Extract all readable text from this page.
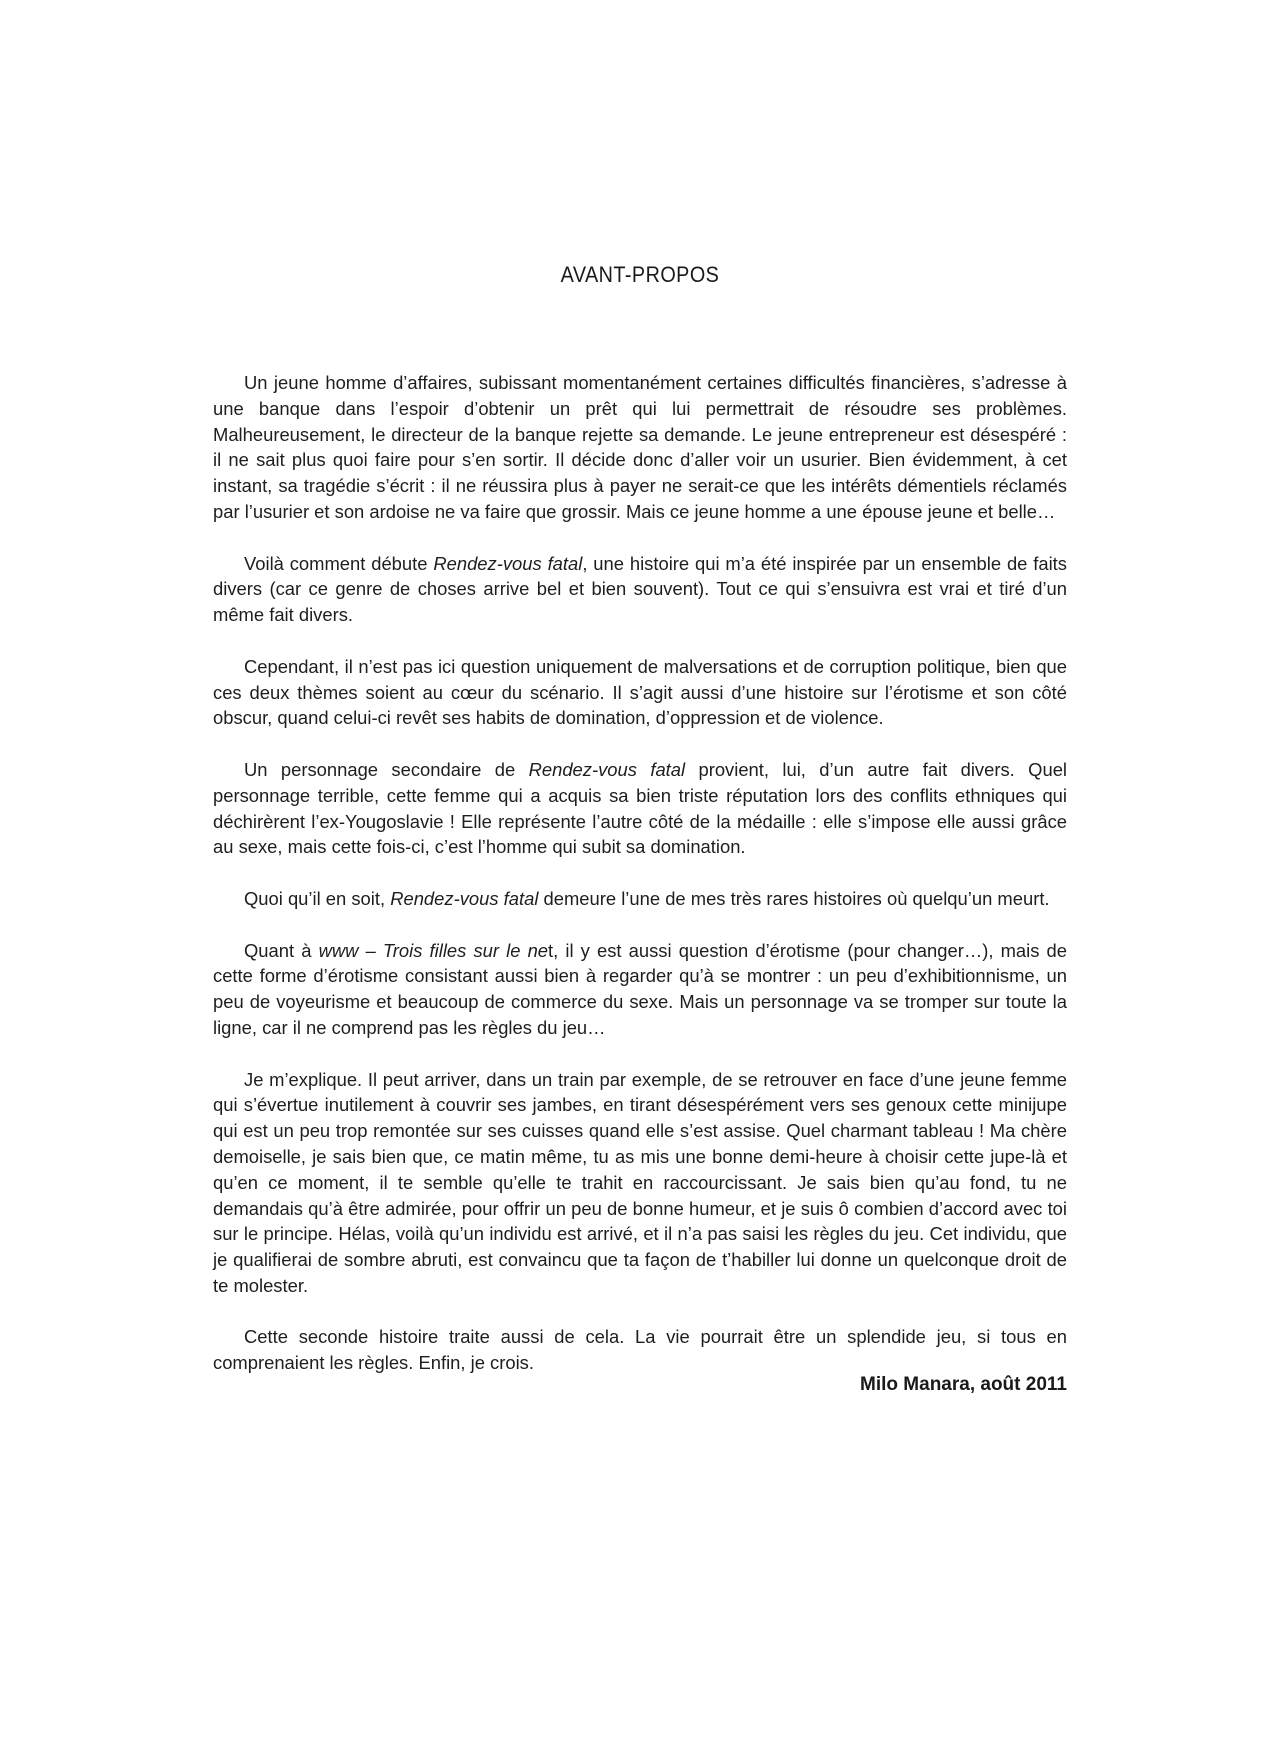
AVANT-PROPOS

Un jeune homme d’affaires, subissant momentanément certaines difficultés financières, s’adresse à une banque dans l’espoir d’obtenir un prêt qui lui permettrait de résoudre ses problèmes. Malheureusement, le directeur de la banque rejette sa demande. Le jeune entrepreneur est désespéré : il ne sait plus quoi faire pour s’en sortir. Il décide donc d’aller voir un usurier. Bien évidemment, à cet instant, sa tragédie s’écrit : il ne réussira plus à payer ne serait-ce que les intérêts démentiels réclamés par l’usurier et son ardoise ne va faire que grossir. Mais ce jeune homme a une épouse jeune et belle…

Voilà comment débute Rendez-vous fatal, une histoire qui m’a été inspirée par un ensemble de faits divers (car ce genre de choses arrive bel et bien souvent). Tout ce qui s’ensuivra est vrai et tiré d’un même fait divers.

Cependant, il n’est pas ici question uniquement de malversations et de corruption politique, bien que ces deux thèmes soient au cœur du scénario. Il s’agit aussi d’une histoire sur l’érotisme et son côté obscur, quand celui-ci revêt ses habits de domination, d’oppression et de violence.

Un personnage secondaire de Rendez-vous fatal provient, lui, d’un autre fait divers. Quel personnage terrible, cette femme qui a acquis sa bien triste réputation lors des conflits ethniques qui déchirèrent l’ex-Yougoslavie ! Elle représente l’autre côté de la médaille : elle s’impose elle aussi grâce au sexe, mais cette fois-ci, c’est l’homme qui subit sa domination.

Quoi qu’il en soit, Rendez-vous fatal demeure l’une de mes très rares histoires où quelqu’un meurt.

Quant à www – Trois filles sur le net, il y est aussi question d’érotisme (pour changer…), mais de cette forme d’érotisme consistant aussi bien à regarder qu’à se montrer : un peu d’exhibitionnisme, un peu de voyeurisme et beaucoup de commerce du sexe. Mais un personnage va se tromper sur toute la ligne, car il ne comprend pas les règles du jeu…

Je m’explique. Il peut arriver, dans un train par exemple, de se retrouver en face d’une jeune femme qui s’évertue inutilement à couvrir ses jambes, en tirant désespérément vers ses genoux cette minijupe qui est un peu trop remontée sur ses cuisses quand elle s’est assise. Quel charmant tableau ! Ma chère demoiselle, je sais bien que, ce matin même, tu as mis une bonne demi-heure à choisir cette jupe-là et qu’en ce moment, il te semble qu’elle te trahit en raccourcissant. Je sais bien qu’au fond, tu ne demandais qu’à être admirée, pour offrir un peu de bonne humeur, et je suis ô combien d’accord avec toi sur le principe. Hélas, voilà qu’un individu est arrivé, et il n’a pas saisi les règles du jeu. Cet individu, que je qualifierai de sombre abruti, est convaincu que ta façon de t’habiller lui donne un quelconque droit de te molester.

Cette seconde histoire traite aussi de cela. La vie pourrait être un splendide jeu, si tous en comprenaient les règles. Enfin, je crois.

Milo Manara, août 2011
